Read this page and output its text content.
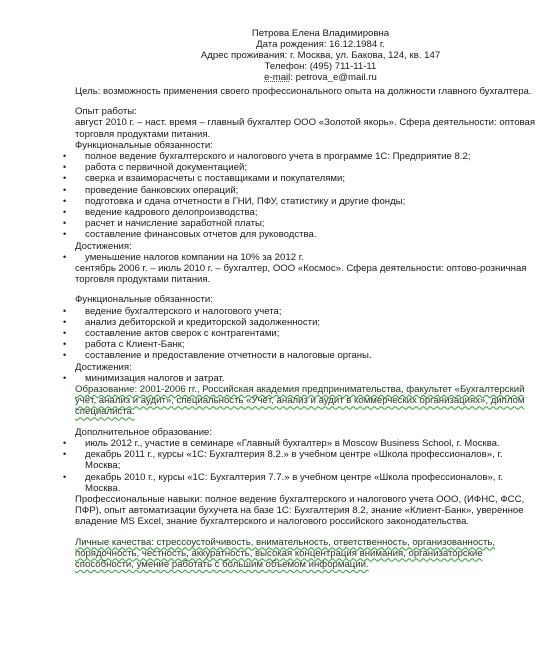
Петрова Елена Владимировна
Дата рождения: 16.12.1984 г.
Адрес проживания: г. Москва, ул. Бакова, 124, кв. 147
Телефон: (495) 711-11-11
e-mail: petrova_e@mail.ru

Цель: возможность применения своего профессионального опыта на должности главного бухгалтера.

Опыт работы:

август 2010 г. – наст. время – главный бухгалтер ООО «Золотой якорь». Сфера деятельности: оптовая торговля продуктами питания.

Функциональные обязанности:

• полное ведение бухгалтерского и налогового учета в программе 1С: Предприятие 8.2;
• работа с первичной документацией;
• сверка и взаиморасчеты с поставщиками и покупателями;
• проведение банковских операций;
• подготовка и сдача отчетности в ГНИ, ПФУ, статистику и другие фонды;
• ведение кадрового делопроизводства;
• расчет и начисление заработной платы;
• составление финансовых отчетов для руководства.

Достижения:

• уменьшение налогов компании на 10% за 2012 г.

сентябрь 2006 г. – июль 2010 г. – бухгалтер, ООО «Космос». Сфера деятельности: оптово-розничная торговля продуктами питания.

Функциональные обязанности:

• ведение бухгалтерского и налогового учета;
• анализ дебиторской и кредиторской задолженности;
• составление актов сверок с контрагентами;
• работа с Клиент-Банк;
• составление и предоставление отчетности в налоговые органы.

Достижения:

• минимизация налогов и затрат.

Образование: 2001-2006 гг., Российская академия предпринимательства, факультет «Бухгалтерский учёт, анализ и аудит», специальность «Учёт, анализ и аудит в коммерческих организациях», диплом специалиста.

Дополнительное образование:

• июль 2012 г., участие в семинаре «Главный бухгалтер» в Moscow Business School, г. Москва.
• декабрь 2011 г., курсы «1С: Бухгалтерия 8.2.» в учебном центре «Школа профессионалов», г. Москва;
• декабрь 2010 г., курсы «1С: Бухгалтерия 7.7.» в учебном центре «Школа профессионалов», г. Москва.

Профессиональные навыки: полное ведение бухгалтерского и налогового учета ООО, (ИФНС, ФСС, ПФР), опыт автоматизации бухучета на базе 1С: Бухгалтерия 8.2, знание «Клиент-Банк», уверенное владение MS Excel, знание бухгалтерского и налогового российского законодательства.

Личные качества: стрессоустойчивость, внимательность, ответственность, организованность, порядочность, честность, аккуратность, высокая концентрация внимания, организаторские способности, умение работать с большим объемом информации.
